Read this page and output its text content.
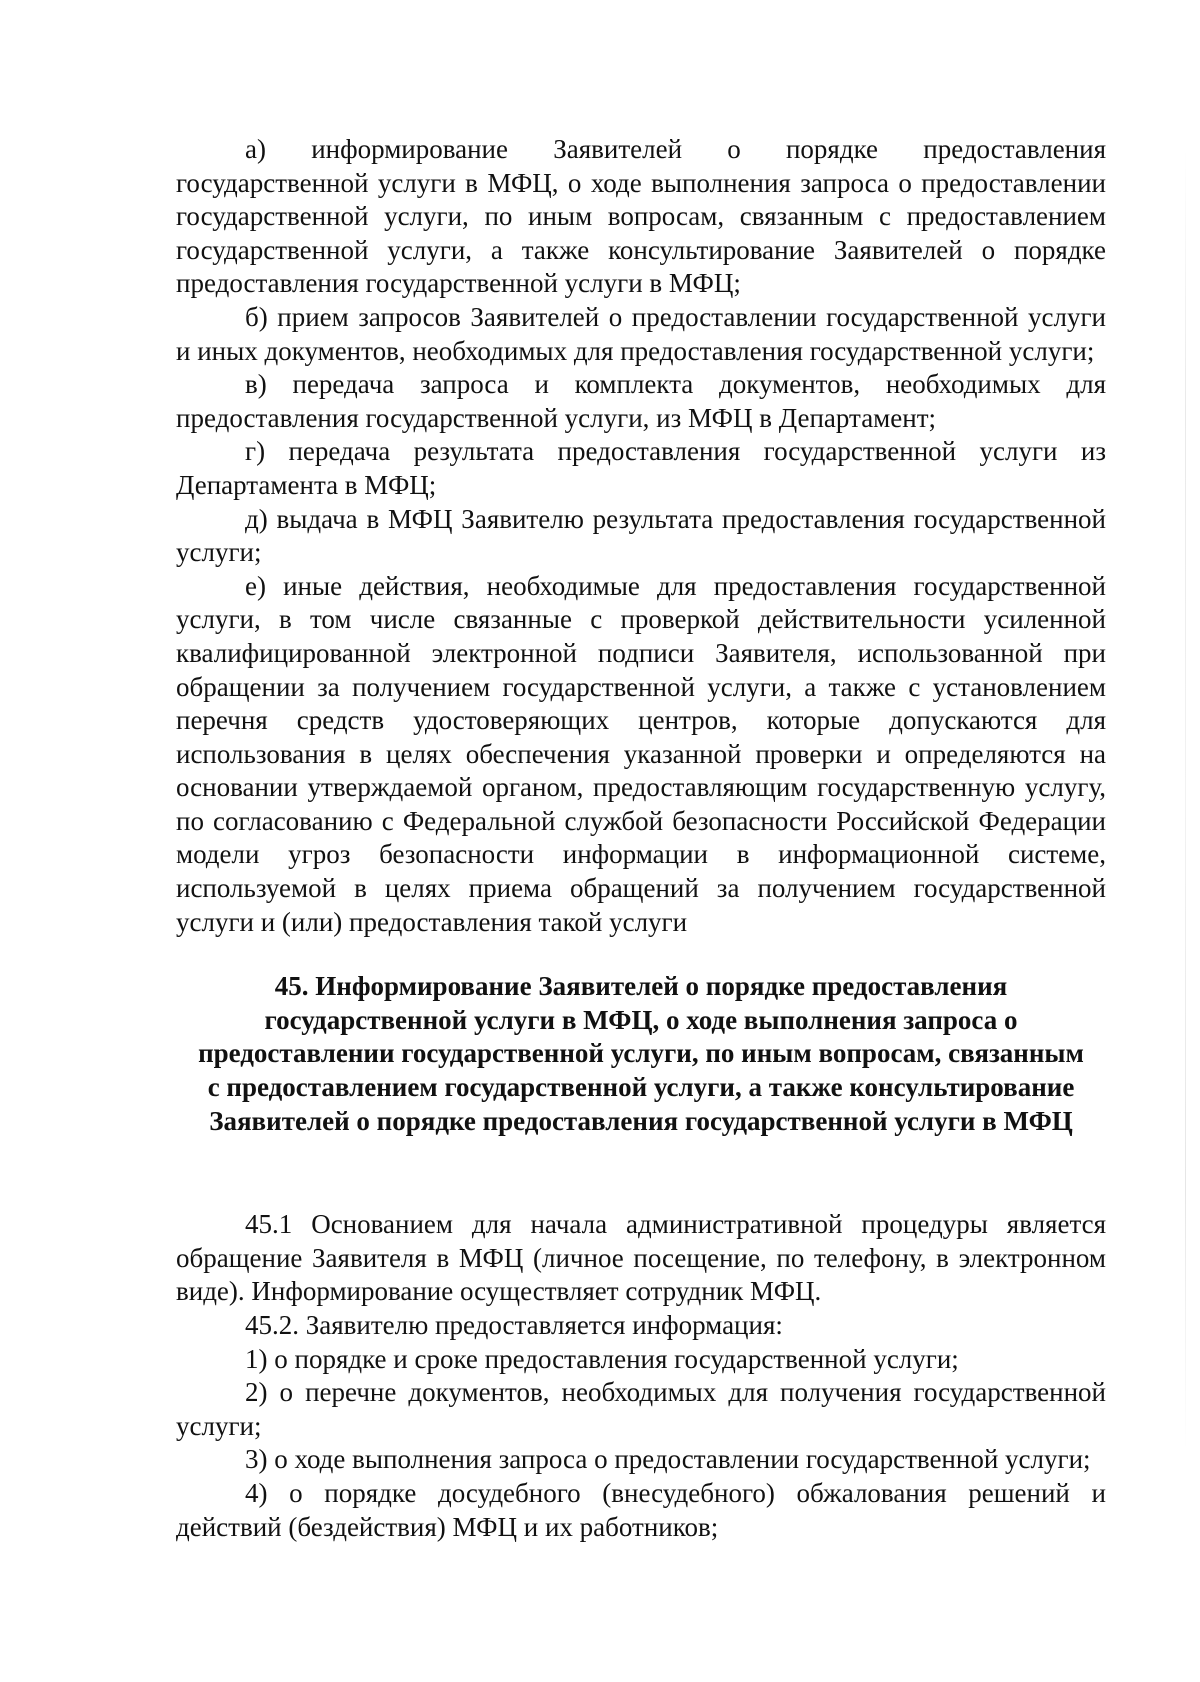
а) информирование Заявителей о порядке предоставления государственной услуги в МФЦ, о ходе выполнения запроса о предоставлении государственной услуги, по иным вопросам, связанным с предоставлением государственной услуги, а также консультирование Заявителей о порядке предоставления государственной услуги в МФЦ;

б) прием запросов Заявителей о предоставлении государственной услуги и иных документов, необходимых для предоставления государственной услуги;

в) передача запроса и комплекта документов, необходимых для предоставления государственной услуги, из МФЦ в Департамент;

г) передача результата предоставления государственной услуги из Департамента в МФЦ;

д) выдача в МФЦ Заявителю результата предоставления государственной услуги;

е) иные действия, необходимые для предоставления государственной услуги, в том числе связанные с проверкой действительности усиленной квалифицированной электронной подписи Заявителя, использованной при обращении за получением государственной услуги, а также с установлением перечня средств удостоверяющих центров, которые допускаются для использования в целях обеспечения указанной проверки и определяются на основании утверждаемой органом, предоставляющим государственную услугу, по согласованию с Федеральной службой безопасности Российской Федерации модели угроз безопасности информации в информационной системе, используемой в целях приема обращений за получением государственной услуги и (или) предоставления такой услуги

45. Информирование Заявителей о порядке предоставления
государственной услуги в МФЦ, о ходе выполнения запроса о
предоставлении государственной услуги, по иным вопросам, связанным
с предоставлением государственной услуги, а также консультирование
Заявителей о порядке предоставления государственной услуги в МФЦ

45.1 Основанием для начала административной процедуры является обращение Заявителя в МФЦ (личное посещение, по телефону, в электронном виде). Информирование осуществляет сотрудник МФЦ.

45.2. Заявителю предоставляется информация:

1) о порядке и сроке предоставления государственной услуги;

2) о перечне документов, необходимых для получения государственной услуги;

3) о ходе выполнения запроса о предоставлении государственной услуги;

4) о порядке досудебного (внесудебного) обжалования решений и действий (бездействия) МФЦ и их работников;
